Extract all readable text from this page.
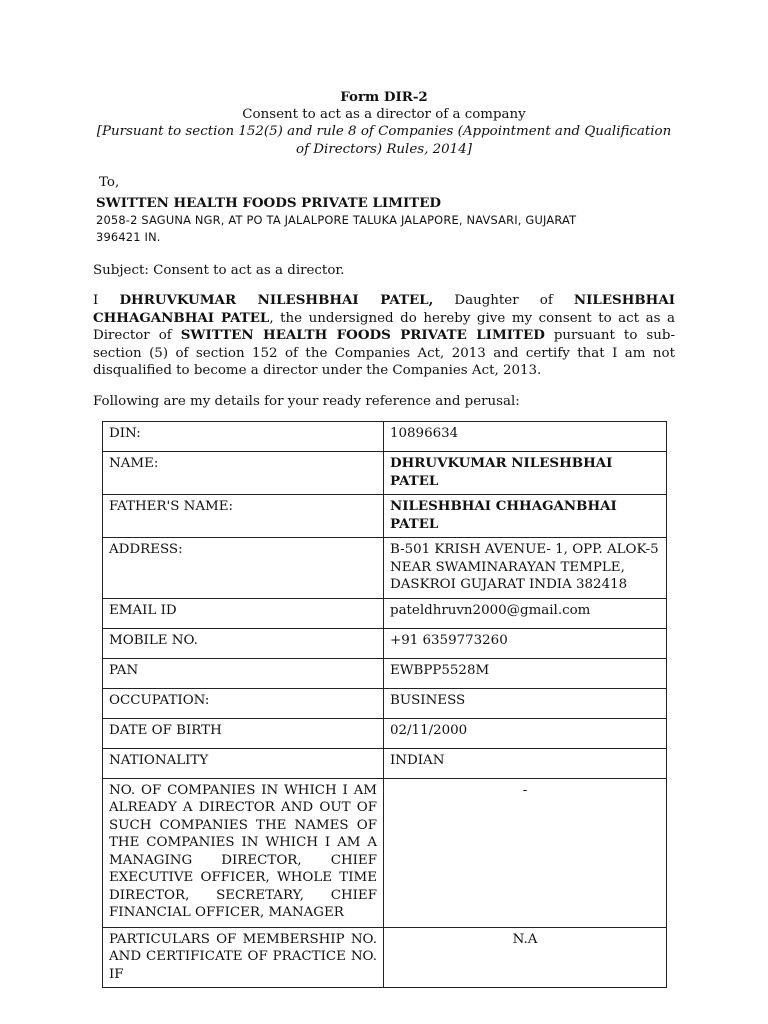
Form DIR-2
Consent to act as a director of a company
[Pursuant to section 152(5) and rule 8 of Companies (Appointment and Qualification of Directors) Rules, 2014]
To,
SWITTEN HEALTH FOODS PRIVATE LIMITED
2058-2 SAGUNA NGR, AT PO TA JALALPORE TALUKA JALAPORE, NAVSARI, GUJARAT
396421 IN.
Subject: Consent to act as a director.
I DHRUVKUMAR NILESHBHAI PATEL, Daughter of NILESHBHAI CHHAGANBHAI PATEL, the undersigned do hereby give my consent to act as a Director of SWITTEN HEALTH FOODS PRIVATE LIMITED pursuant to sub-section (5) of section 152 of the Companies Act, 2013 and certify that I am not disqualified to become a director under the Companies Act, 2013.
Following are my details for your ready reference and perusal:
DIN:	10896634
NAME:	DHRUVKUMAR NILESHBHAI PATEL
FATHER'S NAME:	NILESHBHAI CHHAGANBHAI PATEL
ADDRESS:	B-501 KRISH AVENUE- 1, OPP. ALOK-5
NEAR SWAMINARAYAN TEMPLE,
DASKROI GUJARAT INDIA 382418

EMAIL ID	pateldhruvn2000@gmail.com
MOBILE NO.	+91 6359773260
PAN	EWBPP5528M
OCCUPATION:	BUSINESS
DATE OF BIRTH	02/11/2000
NATIONALITY	INDIAN
NO. OF COMPANIES IN WHICH I AM ALREADY A DIRECTOR AND OUT OF SUCH COMPANIES THE NAMES OF THE COMPANIES IN WHICH I AM A MANAGING DIRECTOR, CHIEF EXECUTIVE OFFICER, WHOLE TIME DIRECTOR, SECRETARY, CHIEF FINANCIAL OFFICER, MANAGER	-
PARTICULARS OF MEMBERSHIP NO. AND CERTIFICATE OF PRACTICE NO. IF	N.A
